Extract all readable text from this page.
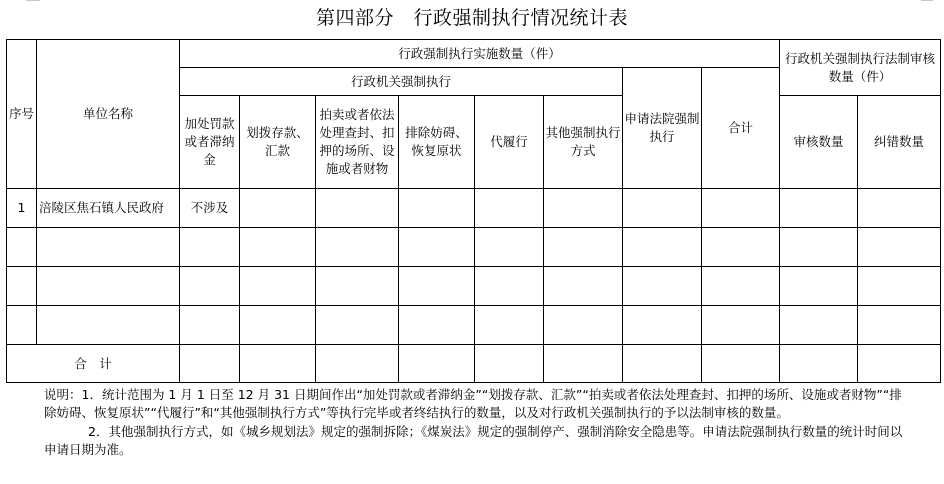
第四部分　行政强制执行情况统计表
序号	单位名称	行政强制执行实施数量（件）								行政机关强制执行法制审核数量（件）	
		行政机关强制执行						申请法院强制执行	合计		
		加处罚款或者滞纳金	划拨存款、汇款	拍卖或者依法处理查封、扣押的场所、设施或者财物	排除妨碍、恢复原状	代履行	其他强制执行方式			审核数量	纠错数量

1	涪陵区焦石镇人民政府	不涉及									

合　计											

说明：1．统计范围为 1 月 1 日至 12 月 31 日期间作出“加处罚款或者滞纳金”“划拨存款、汇款”“拍卖或者依法处理查封、扣押的场所、设施或者财物”“排除妨碍、恢复原状”“代履行”和“其他强制执行方式”等执行完毕或者终结执行的数量，以及对行政机关强制执行的予以法制审核的数量。

2．其他强制执行方式，如《城乡规划法》规定的强制拆除；《煤炭法》规定的强制停产、强制消除安全隐患等。申请法院强制执行数量的统计时间以申请日期为准。
